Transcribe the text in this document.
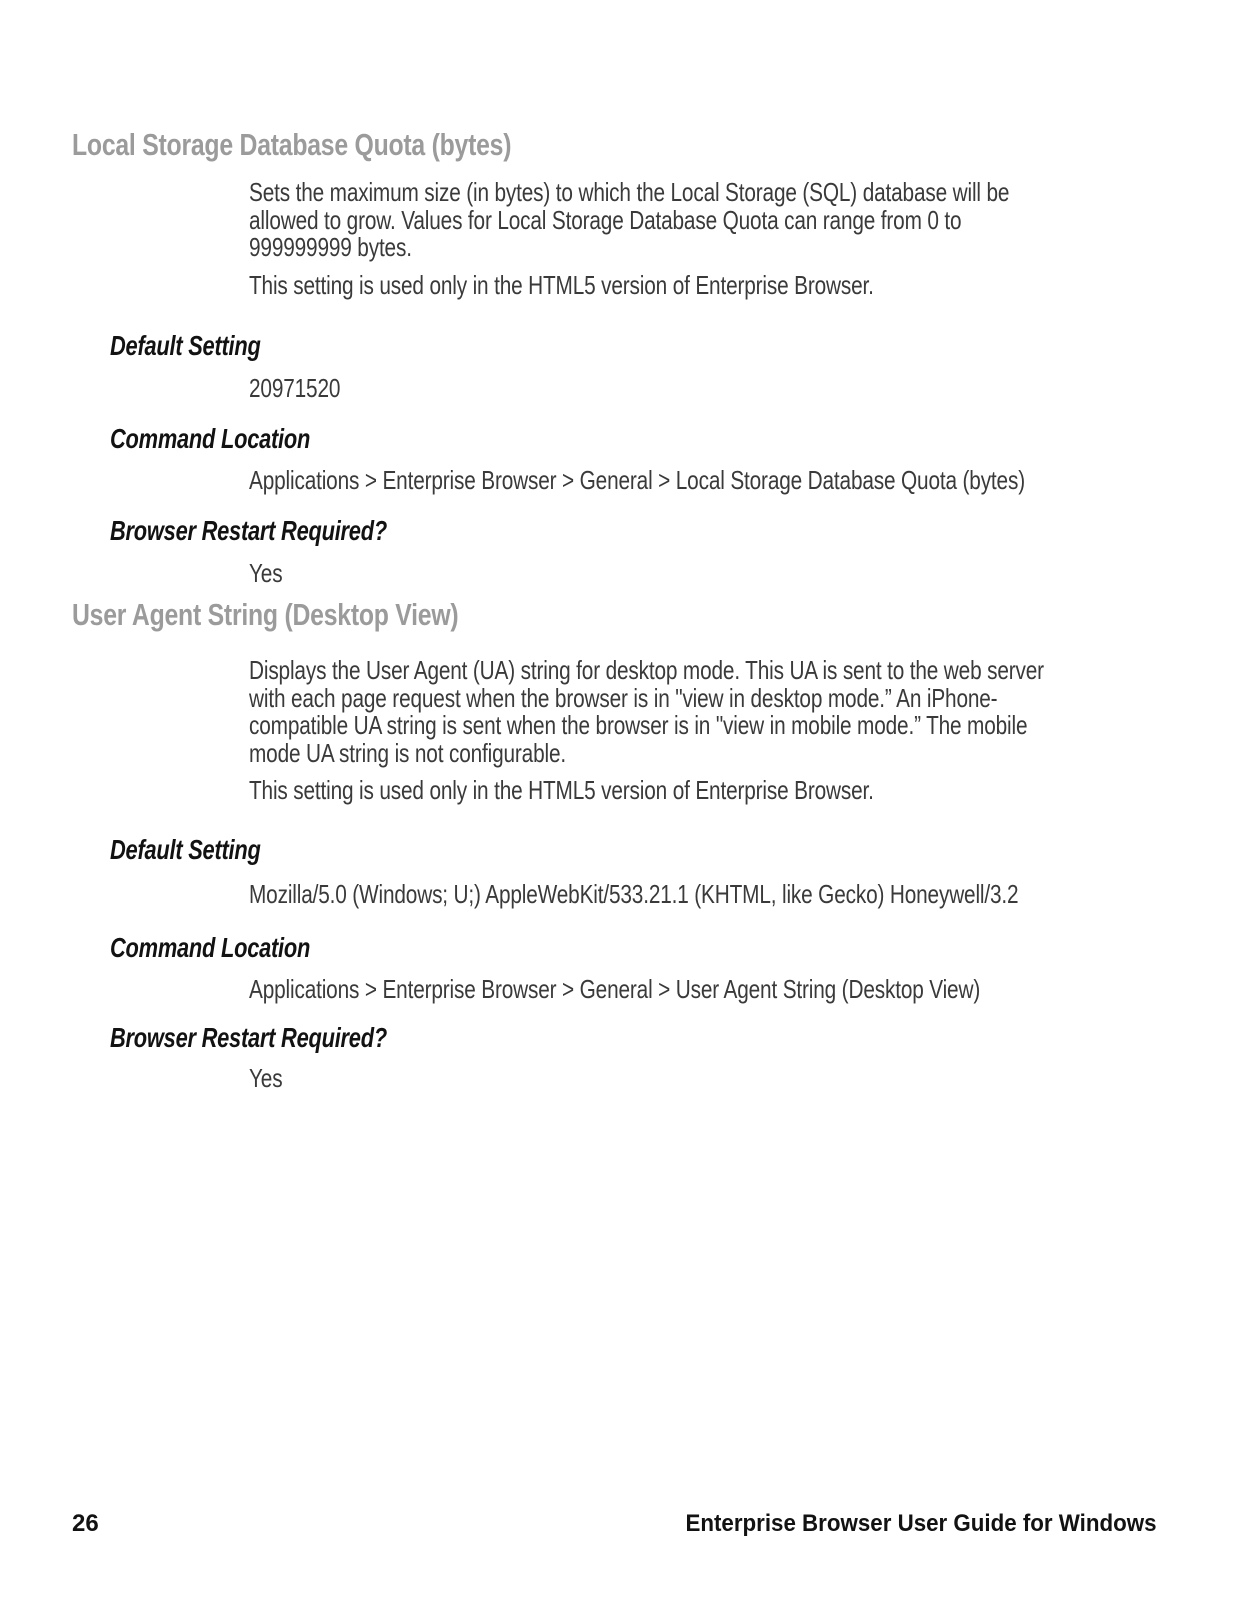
Local Storage Database Quota (bytes)
Sets the maximum size (in bytes) to which the Local Storage (SQL) database will be
allowed to grow. Values for Local Storage Database Quota can range from 0 to
999999999 bytes.
This setting is used only in the HTML5 version of Enterprise Browser.
Default Setting
20971520
Command Location
Applications > Enterprise Browser > General > Local Storage Database Quota (bytes)
Browser Restart Required?
Yes
User Agent String (Desktop View)
Displays the User Agent (UA) string for desktop mode. This UA is sent to the web server
with each page request when the browser is in "view in desktop mode.” An iPhone-
compatible UA string is sent when the browser is in "view in mobile mode.” The mobile
mode UA string is not configurable.
This setting is used only in the HTML5 version of Enterprise Browser.
Default Setting
Mozilla/5.0 (Windows; U;) AppleWebKit/533.21.1 (KHTML, like Gecko) Honeywell/3.2
Command Location
Applications > Enterprise Browser > General > User Agent String (Desktop View)
Browser Restart Required?
Yes
26	Enterprise Browser User Guide for Windows
